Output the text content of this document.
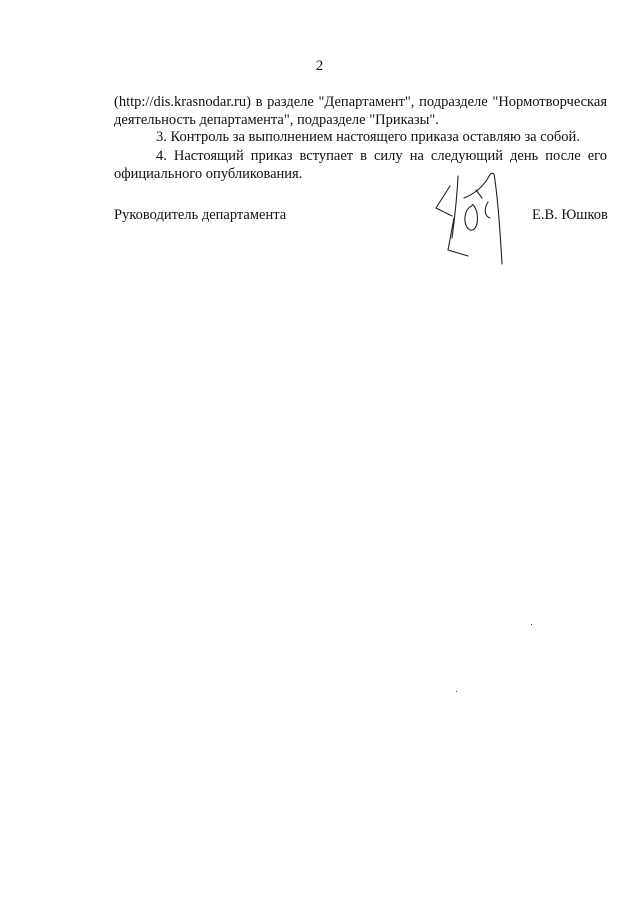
2
(http://dis.krasnodar.ru) в разделе "Департамент", подразделе "Нормотворческая
деятельность департамента", подразделе "Приказы".
3. Контроль за выполнением настоящего приказа оставляю за собой.
4. Настоящий приказ вступает в силу на следующий день после его
официального опубликования.
Руководитель департамента	Е.В. Юшков
